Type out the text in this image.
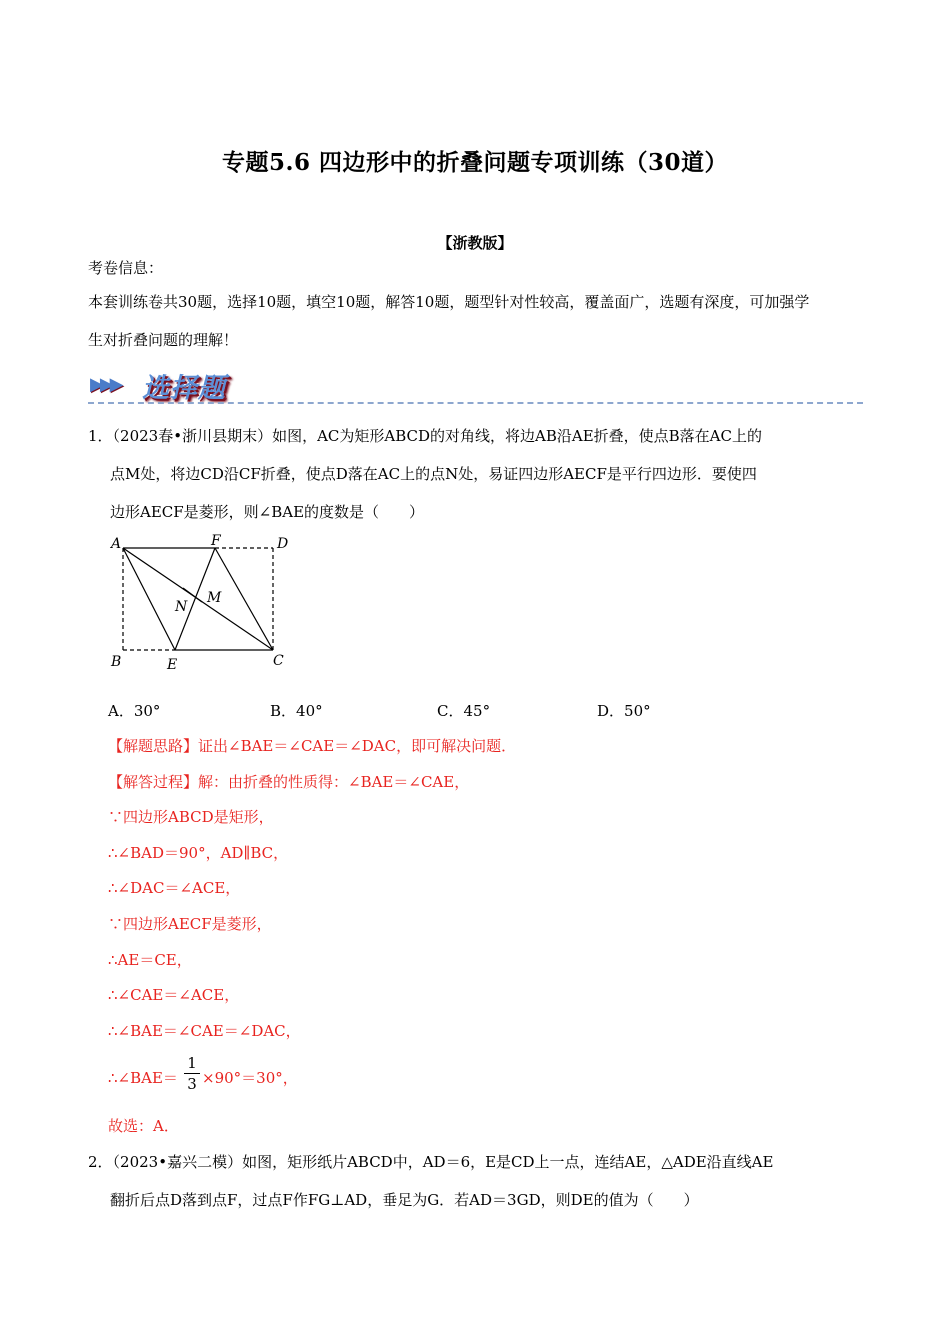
专题5.6 四边形中的折叠问题专项训练（30道）
【浙教版】
考卷信息：
本套训练卷共30题，选择10题，填空10题，解答10题，题型针对性较高，覆盖面广，选题有深度，可加强学
生对折叠问题的理解！
▶▶▶ 选择题
1．（2023春•浙川县期末）如图，AC为矩形ABCD的对角线，将边AB沿AE折叠，使点B落在AC上的
点M处，将边CD沿CF折叠，使点D落在AC上的点N处，易证四边形AECF是平行四边形．要使四
边形AECF是菱形，则∠BAE的度数是（　　）
A	F	D
N
M
B	E	C
A．30°	B．40°	C．45°	D．50°
【解题思路】证出∠BAE＝∠CAE＝∠DAC，即可解决问题．
【解答过程】解：由折叠的性质得：∠BAE＝∠CAE，
∵四边形ABCD是矩形，
∴∠BAD＝90°，AD∥BC，
∴∠DAC＝∠ACE，
∵四边形AECF是菱形，
∴AE＝CE，
∴∠CAE＝∠ACE，
∴∠BAE＝∠CAE＝∠DAC，
∴∠BAE＝
1
3 ×90°＝30°，
故选：A．
2．（2023•嘉兴二模）如图，矩形纸片ABCD中，AD＝6，E是CD上一点，连结AE，△ADE沿直线AE
翻折后点D落到点F，过点F作FG⊥AD，垂足为G．若AD＝3GD，则DE的值为（　　）
